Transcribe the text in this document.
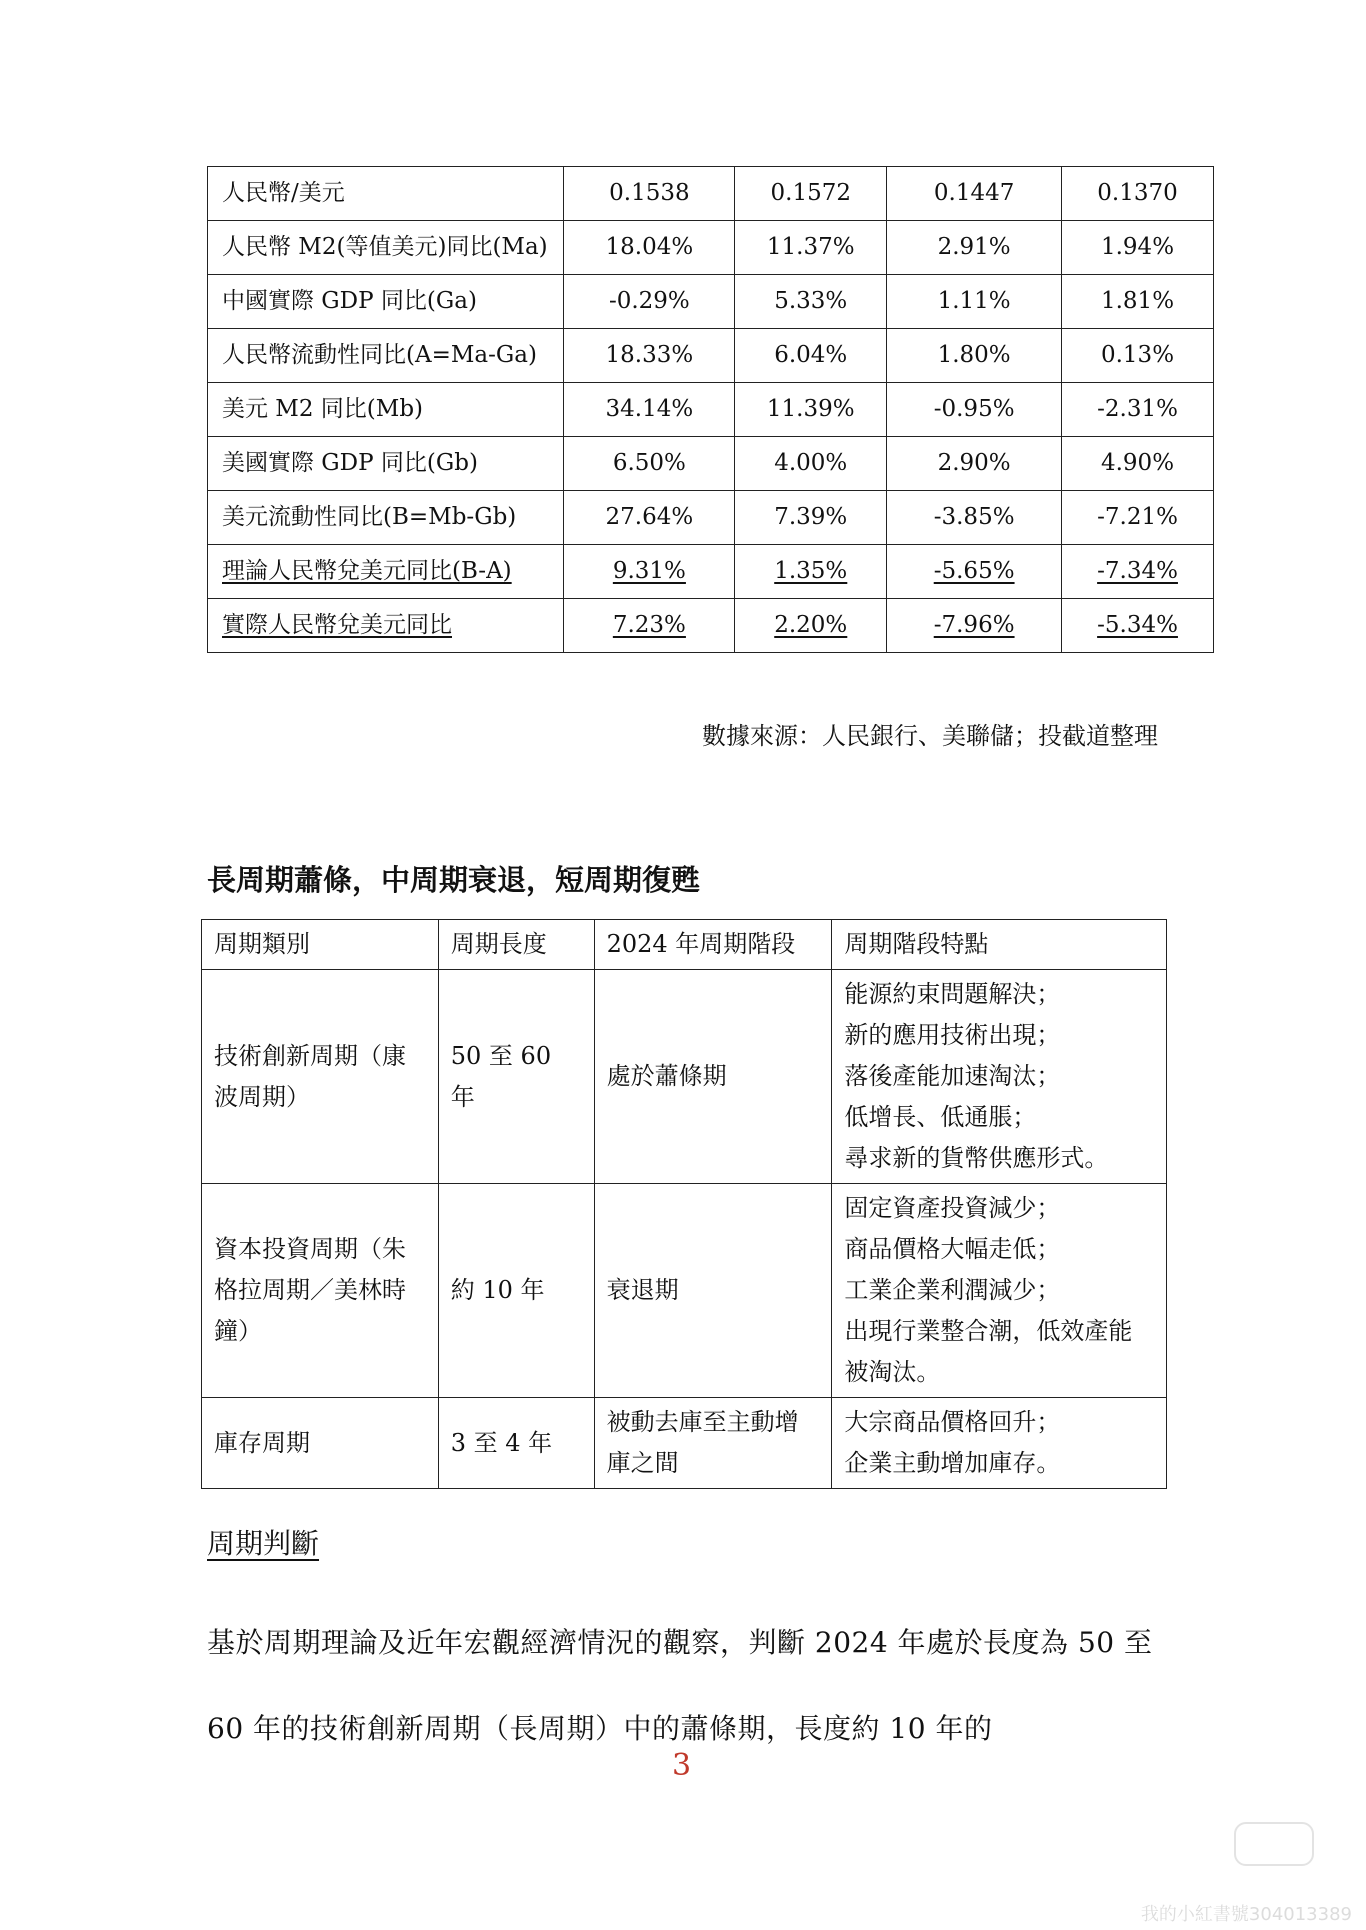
人民幣/美元	0.1538	0.1572	0.1447	0.1370
人民幣 M2(等值美元)同比(Ma)	18.04%	11.37%	2.91%	1.94%
中國實際 GDP 同比(Ga)	-0.29%	5.33%	1.11%	1.81%
人民幣流動性同比(A=Ma-Ga)	18.33%	6.04%	1.80%	0.13%
美元 M2 同比(Mb)	34.14%	11.39%	-0.95%	-2.31%
美國實際 GDP 同比(Gb)	6.50%	4.00%	2.90%	4.90%
美元流動性同比(B=Mb-Gb)	27.64%	7.39%	-3.85%	-7.21%
理論人民幣兌美元同比(B-A)	9.31%	1.35%	-5.65%	-7.34%
實際人民幣兌美元同比	7.23%	2.20%	-7.96%	-5.34%
數據來源：人民銀行、美聯儲；投截道整理
長周期蕭條，中周期衰退，短周期復甦
周期類別	周期長度	2024 年周期階段	周期階段特點
技術創新周期（康波周期）	50 至 60 年	處於蕭條期	能源約束問題解決；
新的應用技術出現；
落後產能加速淘汰；
低增長、低通脹；
尋求新的貨幣供應形式。

資本投資周期（朱格拉周期／美林時鐘）	約 10 年	衰退期	固定資產投資減少；
商品價格大幅走低；
工業企業利潤減少；
出現行業整合潮，低效產能被淘汰。

庫存周期	3 至 4 年	被動去庫至主動增庫之間	大宗商品價格回升；
企業主動增加庫存。
周期判斷
基於周期理論及近年宏觀經濟情況的觀察，判斷 2024 年處於長度為 50 至 60 年的技術創新周期（長周期）中的蕭條期，長度約 10 年的
3
我的小紅書號304013389
